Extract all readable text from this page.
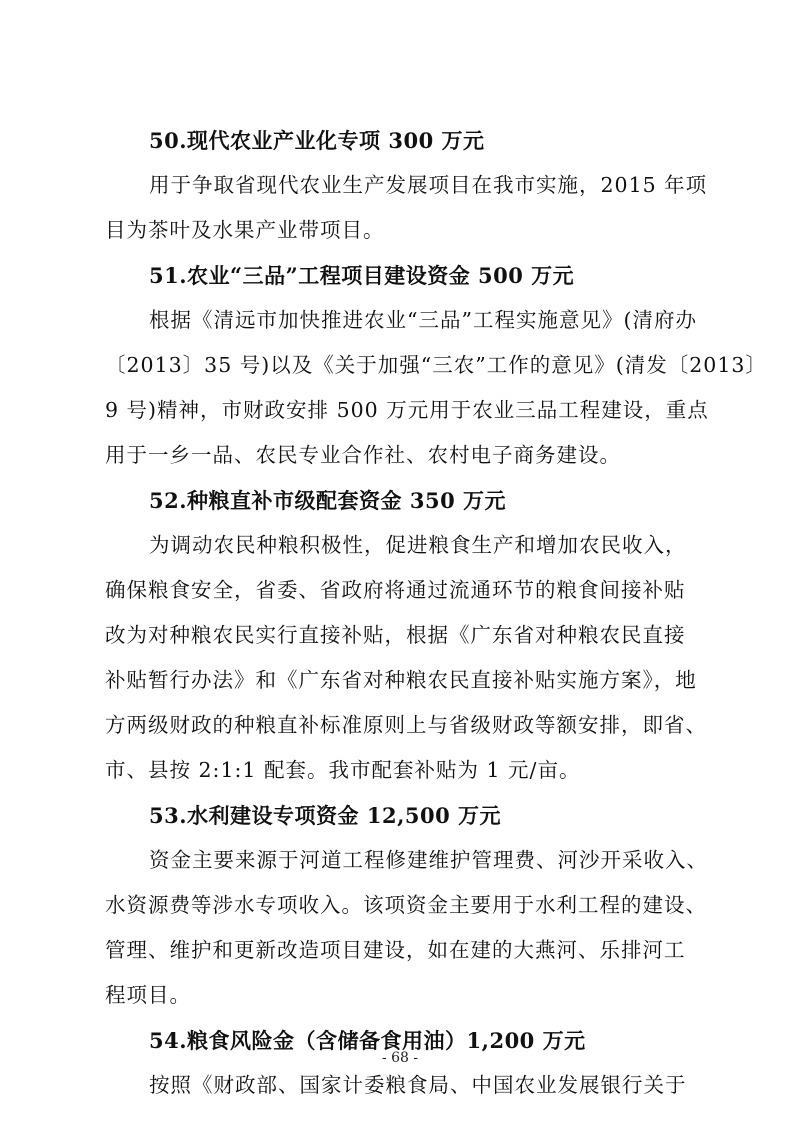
50.现代农业产业化专项 300 万元

用于争取省现代农业生产发展项目在我市实施，2015 年项

目为茶叶及水果产业带项目。

51.农业“三品”工程项目建设资金 500 万元

根据《清远市加快推进农业“三品”工程实施意见》(清府办

〔2013〕35 号)以及《关于加强“三农”工作的意见》(清发〔2013〕

9 号)精神，市财政安排 500 万元用于农业三品工程建设，重点

用于一乡一品、农民专业合作社、农村电子商务建设。

52.种粮直补市级配套资金 350 万元

为调动农民种粮积极性，促进粮食生产和增加农民收入，

确保粮食安全，省委、省政府将通过流通环节的粮食间接补贴

改为对种粮农民实行直接补贴，根据《广东省对种粮农民直接

补贴暂行办法》和《广东省对种粮农民直接补贴实施方案》，地

方两级财政的种粮直补标准原则上与省级财政等额安排，即省、

市、县按 2:1:1 配套。我市配套补贴为 1 元/亩。

53.水利建设专项资金 12,500 万元

资金主要来源于河道工程修建维护管理费、河沙开采收入、

水资源费等涉水专项收入。该项资金主要用于水利工程的建设、

管理、维护和更新改造项目建设，如在建的大燕河、乐排河工

程项目。

54.粮食风险金（含储备食用油）1,200 万元

按照《财政部、国家计委粮食局、中国农业发展银行关于

- 68 -
